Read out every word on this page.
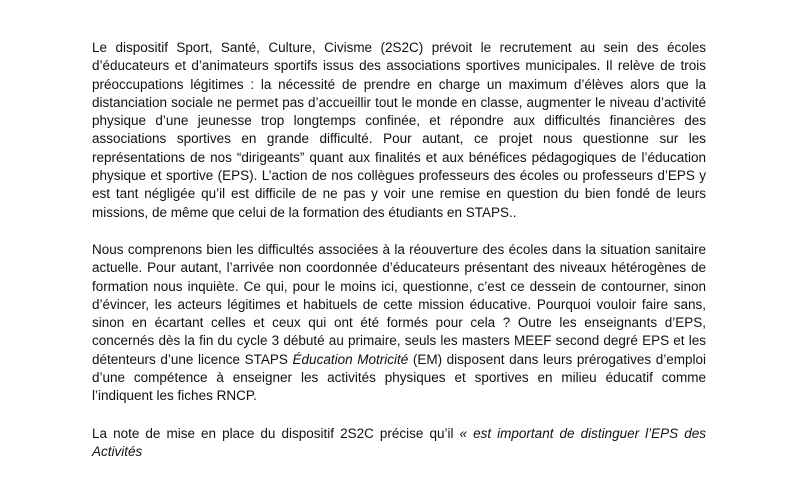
Le dispositif Sport, Santé, Culture, Civisme (2S2C) prévoit le recrutement au sein des écoles d’éducateurs et d’animateurs sportifs issus des associations sportives municipales. Il relève de trois préoccupations légitimes : la nécessité de prendre en charge un maximum d’élèves alors que la distanciation sociale ne permet pas d’accueillir tout le monde en classe, augmenter le niveau d’activité physique d’une jeunesse trop longtemps confinée, et répondre aux difficultés financières des associations sportives en grande difficulté. Pour autant, ce projet nous questionne sur les représentations de nos “dirigeants” quant aux finalités et aux bénéfices pédagogiques de l’éducation physique et sportive (EPS). L’action de nos collègues professeurs des écoles ou professeurs d’EPS y est tant négligée qu’il est difficile de ne pas y voir une remise en question du bien fondé de leurs missions, de même que celui de la formation des étudiants en STAPS..

Nous comprenons bien les difficultés associées à la réouverture des écoles dans la situation sanitaire actuelle. Pour autant, l’arrivée non coordonnée d’éducateurs présentant des niveaux hétérogènes de formation nous inquiète. Ce qui, pour le moins ici, questionne, c’est ce dessein de contourner, sinon d’évincer, les acteurs légitimes et habituels de cette mission éducative. Pourquoi vouloir faire sans, sinon en écartant celles et ceux qui ont été formés pour cela ? Outre les enseignants d’EPS, concernés dès la fin du cycle 3 débuté au primaire, seuls les masters MEEF second degré EPS et les détenteurs d’une licence STAPS Éducation Motricité (EM) disposent dans leurs prérogatives d’emploi d’une compétence à enseigner les activités physiques et sportives en milieu éducatif comme l’indiquent les fiches RNCP.

La note de mise en place du dispositif 2S2C précise qu’il « est important de distinguer l’EPS des Activités
